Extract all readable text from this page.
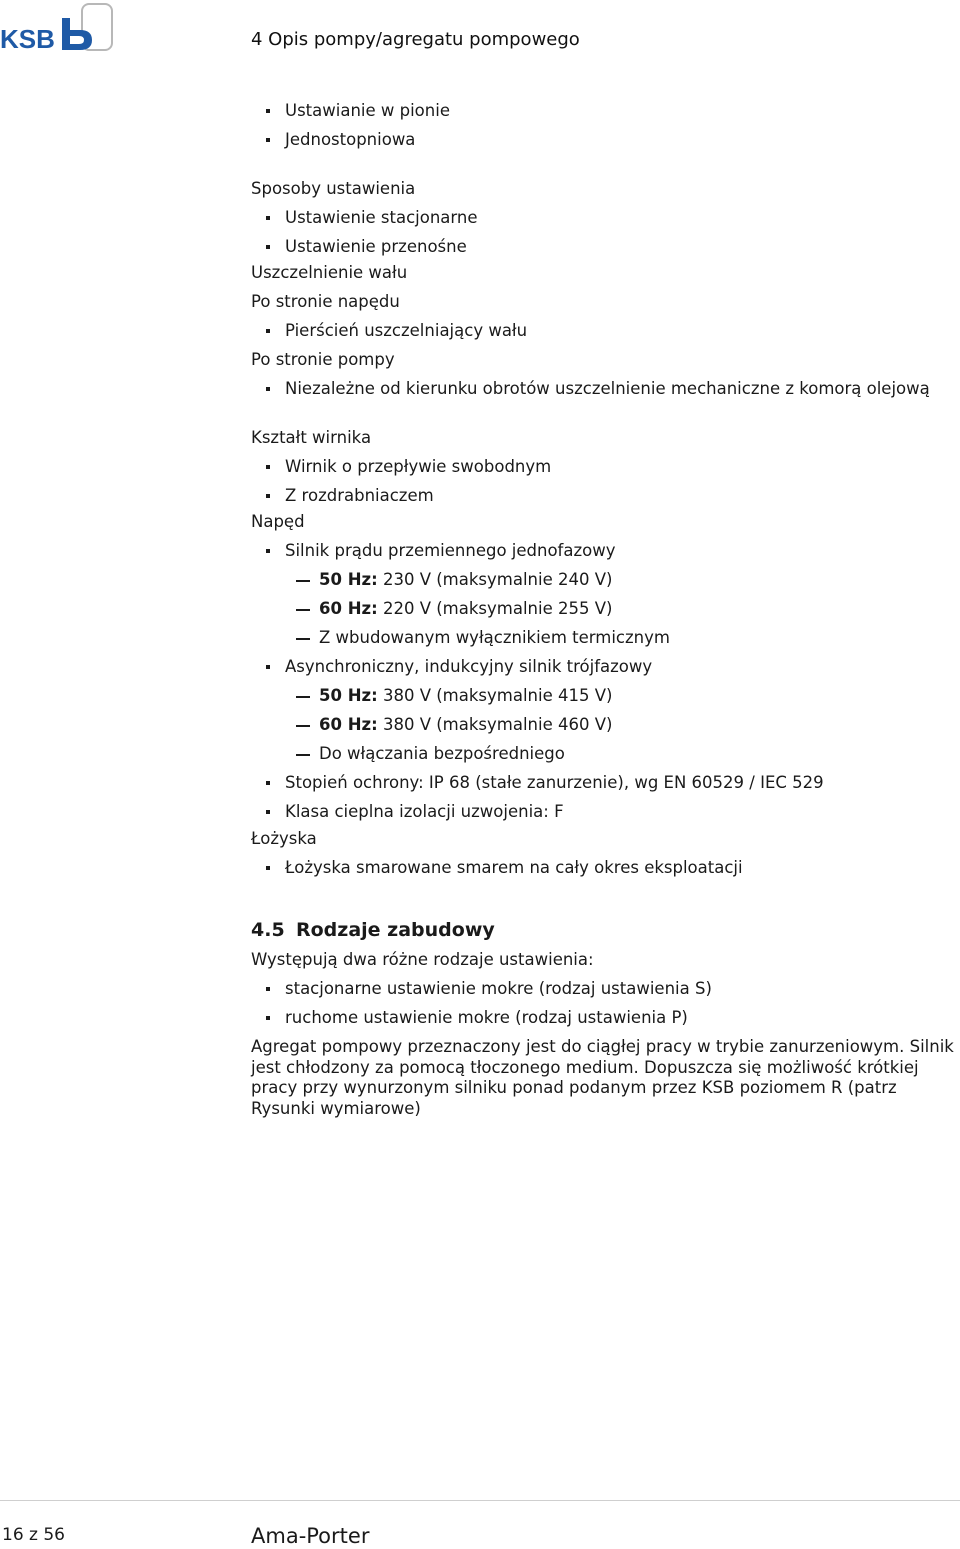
KSB	4 Opis pompy/agregatu pompowego
Ustawianie w pionie
Jednostopniowa
Sposoby ustawienia
Ustawienie stacjonarne
Ustawienie przenośne
Uszczelnienie wału
Po stronie napędu
Pierścień uszczelniający wału
Po stronie pompy
Niezależne od kierunku obrotów uszczelnienie mechaniczne z komorą olejową
Kształt wirnika
Wirnik o przepływie swobodnym
Z rozdrabniaczem
Napęd
Silnik prądu przemiennego jednofazowy
50 Hz: 230 V (maksymalnie 240 V)
60 Hz: 220 V (maksymalnie 255 V)
Z wbudowanym wyłącznikiem termicznym
Asynchroniczny, indukcyjny silnik trójfazowy
50 Hz: 380 V (maksymalnie 415 V)
60 Hz: 380 V (maksymalnie 460 V)
Do włączania bezpośredniego
Stopień ochrony: IP 68 (stałe zanurzenie), wg EN 60529 / IEC 529
Klasa cieplna izolacji uzwojenia: F
Łożyska
Łożyska smarowane smarem na cały okres eksploatacji
4.5 Rodzaje zabudowy
Występują dwa różne rodzaje ustawienia:
stacjonarne ustawienie mokre (rodzaj ustawienia S)
ruchome ustawienie mokre (rodzaj ustawienia P)
Agregat pompowy przeznaczony jest do ciągłej pracy w trybie zanurzeniowym. Silnik jest chłodzony za pomocą tłoczonego medium. Dopuszcza się możliwość krótkiej pracy przy wynurzonym silniku ponad podanym przez KSB poziomem R (patrz Rysunki wymiarowe)
16 z 56	Ama-Porter
